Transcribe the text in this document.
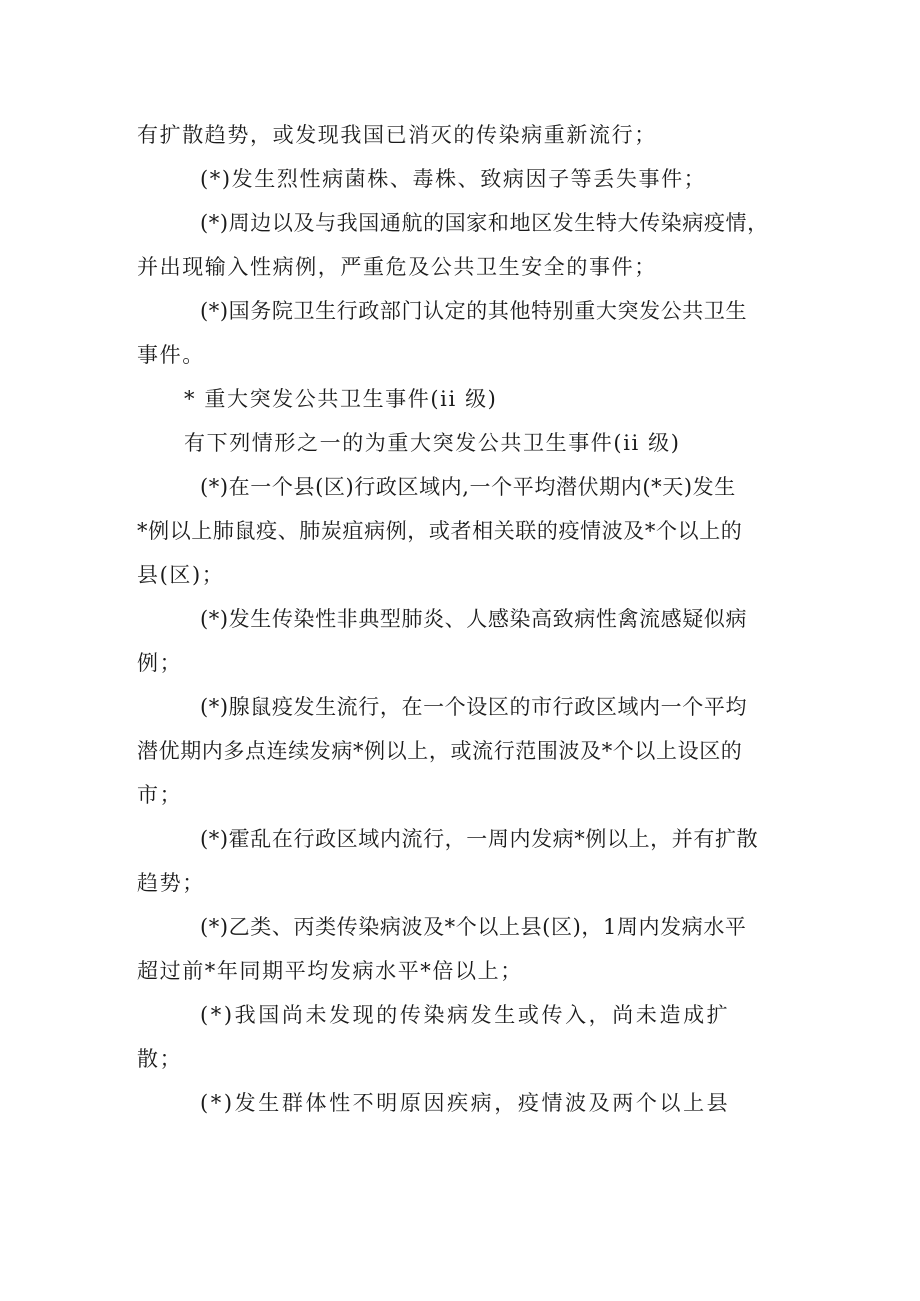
有扩散趋势，或发现我国已消灭的传染病重新流行；
(*)发生烈性病菌株、毒株、致病因子等丢失事件；
(*)周边以及与我国通航的国家和地区发生特大传染病疫情，
并出现输入性病例，严重危及公共卫生安全的事件；
(*)国务院卫生行政部门认定的其他特别重大突发公共卫生
事件。
* 重大突发公共卫生事件(ii 级)
有下列情形之一的为重大突发公共卫生事件(ii 级)
(*)在一个县(区)行政区域内,一个平均潜伏期内(*天)发生
*例以上肺鼠疫、肺炭疽病例，或者相关联的疫情波及*个以上的
县(区)；
(*)发生传染性非典型肺炎、人感染高致病性禽流感疑似病
例；
(*)腺鼠疫发生流行，在一个设区的市行政区域内一个平均
潜优期内多点连续发病*例以上，或流行范围波及*个以上设区的
市；
(*)霍乱在行政区域内流行，一周内发病*例以上，并有扩散
趋势；
(*)乙类、丙类传染病波及*个以上县(区)，1周内发病水平
超过前*年同期平均发病水平*倍以上；
(*)我国尚未发现的传染病发生或传入，尚未造成扩
散；
(*)发生群体性不明原因疾病，疫情波及两个以上县
